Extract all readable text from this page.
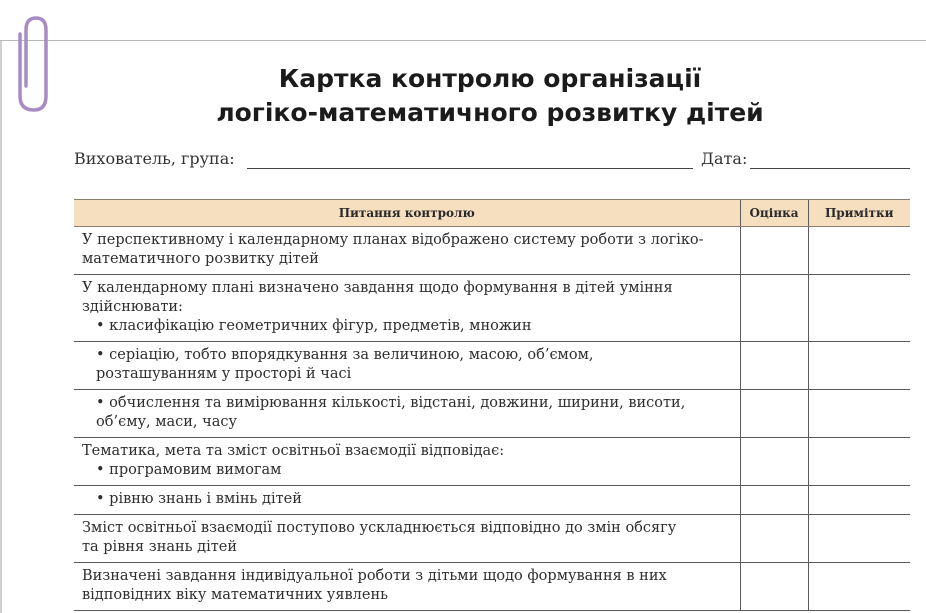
Картка контролю організації
логіко-математичного розвитку дітей
Вихователь, група:	Дата:
Питання контролю	Оцінка	Примітки

У перспективному і календарному планах відображено систему роботи з логіко-
математичного розвитку дітей		

У календарному плані визначено завдання щодо формування в дітей уміння
здійснювати:
• класифікацію геометричних фігур, предметів, множин		

• серіацію, тобто впорядкування за величиною, масою, об’ємом,
розташуванням у просторі й часі		

• обчислення та вимірювання кількості, відстані, довжини, ширини, висоти,
об’єму, маси, часу		

Тематика, мета та зміст освітньої взаємодії відповідає:
• програмовим вимогам		

• рівню знань і вмінь дітей		

Зміст освітньої взаємодії поступово ускладнюється відповідно до змін обсягу
та рівня знань дітей		

Визначені завдання індивідуальної роботи з дітьми щодо формування в них
відповідних віку математичних уявлень		
